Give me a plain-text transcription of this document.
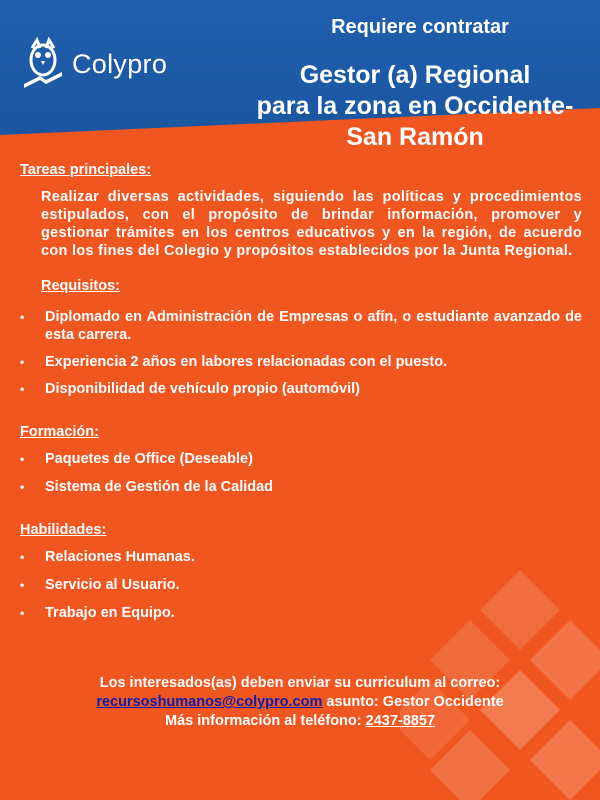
Colypro
Requiere contratar
Gestor (a) Regional
para la zona en Occidente-
San Ramón
Tareas principales:
Realizar diversas actividades, siguiendo las políticas y procedimientos estipulados, con el propósito de brindar información, promover y gestionar trámites en los centros educativos y en la región, de acuerdo con los fines del Colegio y propósitos establecidos por la Junta Regional.
Requisitos:
• Diplomado en Administración de Empresas o afín, o estudiante avanzado de esta carrera.
• Experiencia 2 años en labores relacionadas con el puesto.
• Disponibilidad de vehículo propio (automóvil)
Formación:
• Paquetes de Office (Deseable)
• Sistema de Gestión de la Calidad
Habilidades:
• Relaciones Humanas.
• Servicio al Usuario.
• Trabajo en Equipo.
Los interesados(as) deben enviar su curriculum al correo:
recursoshumanos@colypro.com asunto: Gestor Occidente
Más información al teléfono: 2437-8857
